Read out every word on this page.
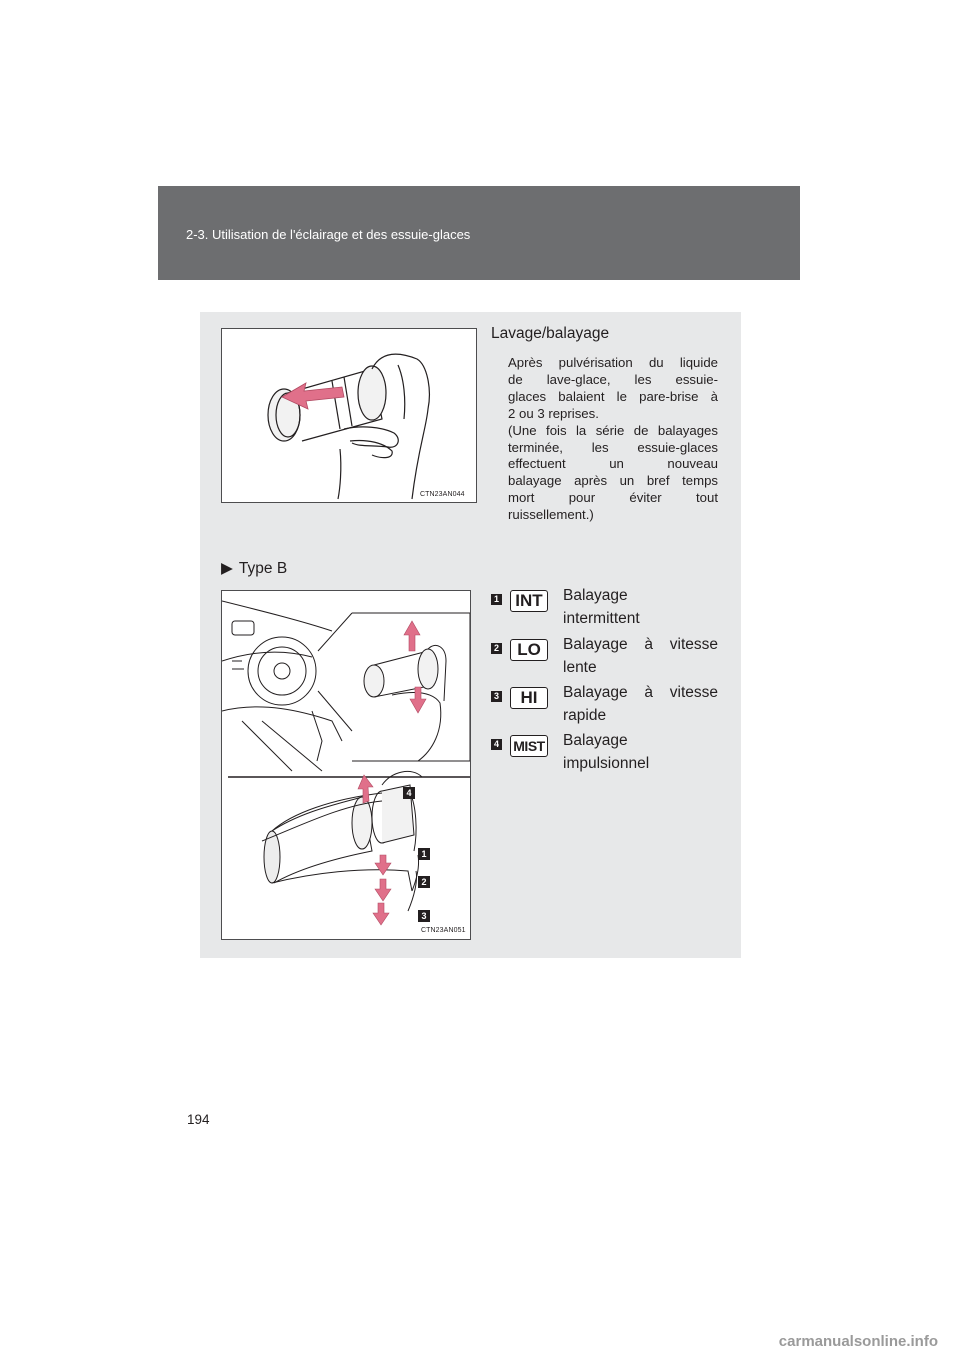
2-3. Utilisation de l'éclairage et des essuie-glaces
CTN23AN044
Lavage/balayage
Après pulvérisation du liquide
de lave-glace, les essuie-
glaces balaient le pare-brise à
2 ou 3 reprises.
(Une fois la série de balayages
terminée, les essuie-glaces
effectuent un nouveau
balayage après un bref temps
mort pour éviter tout
ruissellement.)
▶ Type B
CTN23AN051
4
1
2
3
1 INT	Balayage
intermittent
2	LO	Balayage à vitesse
lente
3	HI	Balayage à vitesse
rapide
4 MIST Balayage
impulsionnel
194
carmanualsonline.info
